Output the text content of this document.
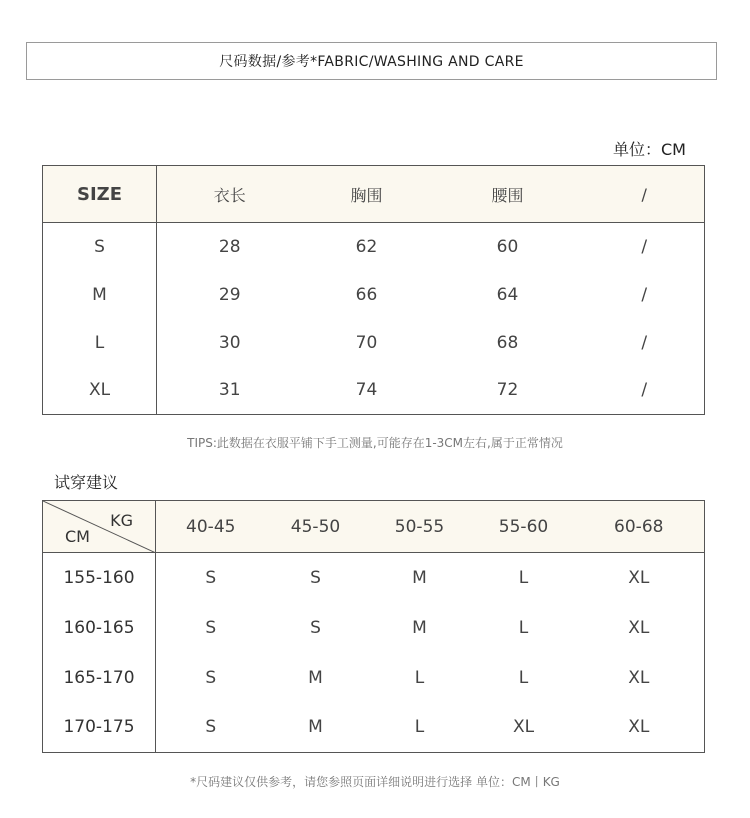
尺码数据/参考*FABRIC/WASHING AND CARE
单位：CM
SIZE	衣长	胸围	腰围	/
S	28	62	60	/
M	29	66	64	/
L	30	70	68	/
XL	31	74	72	/
TIPS:此数据在衣服平铺下手工测量,可能存在1-3CM左右,属于正常情况
试穿建议
KG
CM	40-45	45-50	50-55	55-60	60-68
155-160	S	S	M	L	XL
160-165	S	S	M	L	XL
165-170	S	M	L	L	XL
170-175	S	M	L	XL	XL
*尺码建议仅供参考，请您参照页面详细说明进行选择 单位：CM丨KG
